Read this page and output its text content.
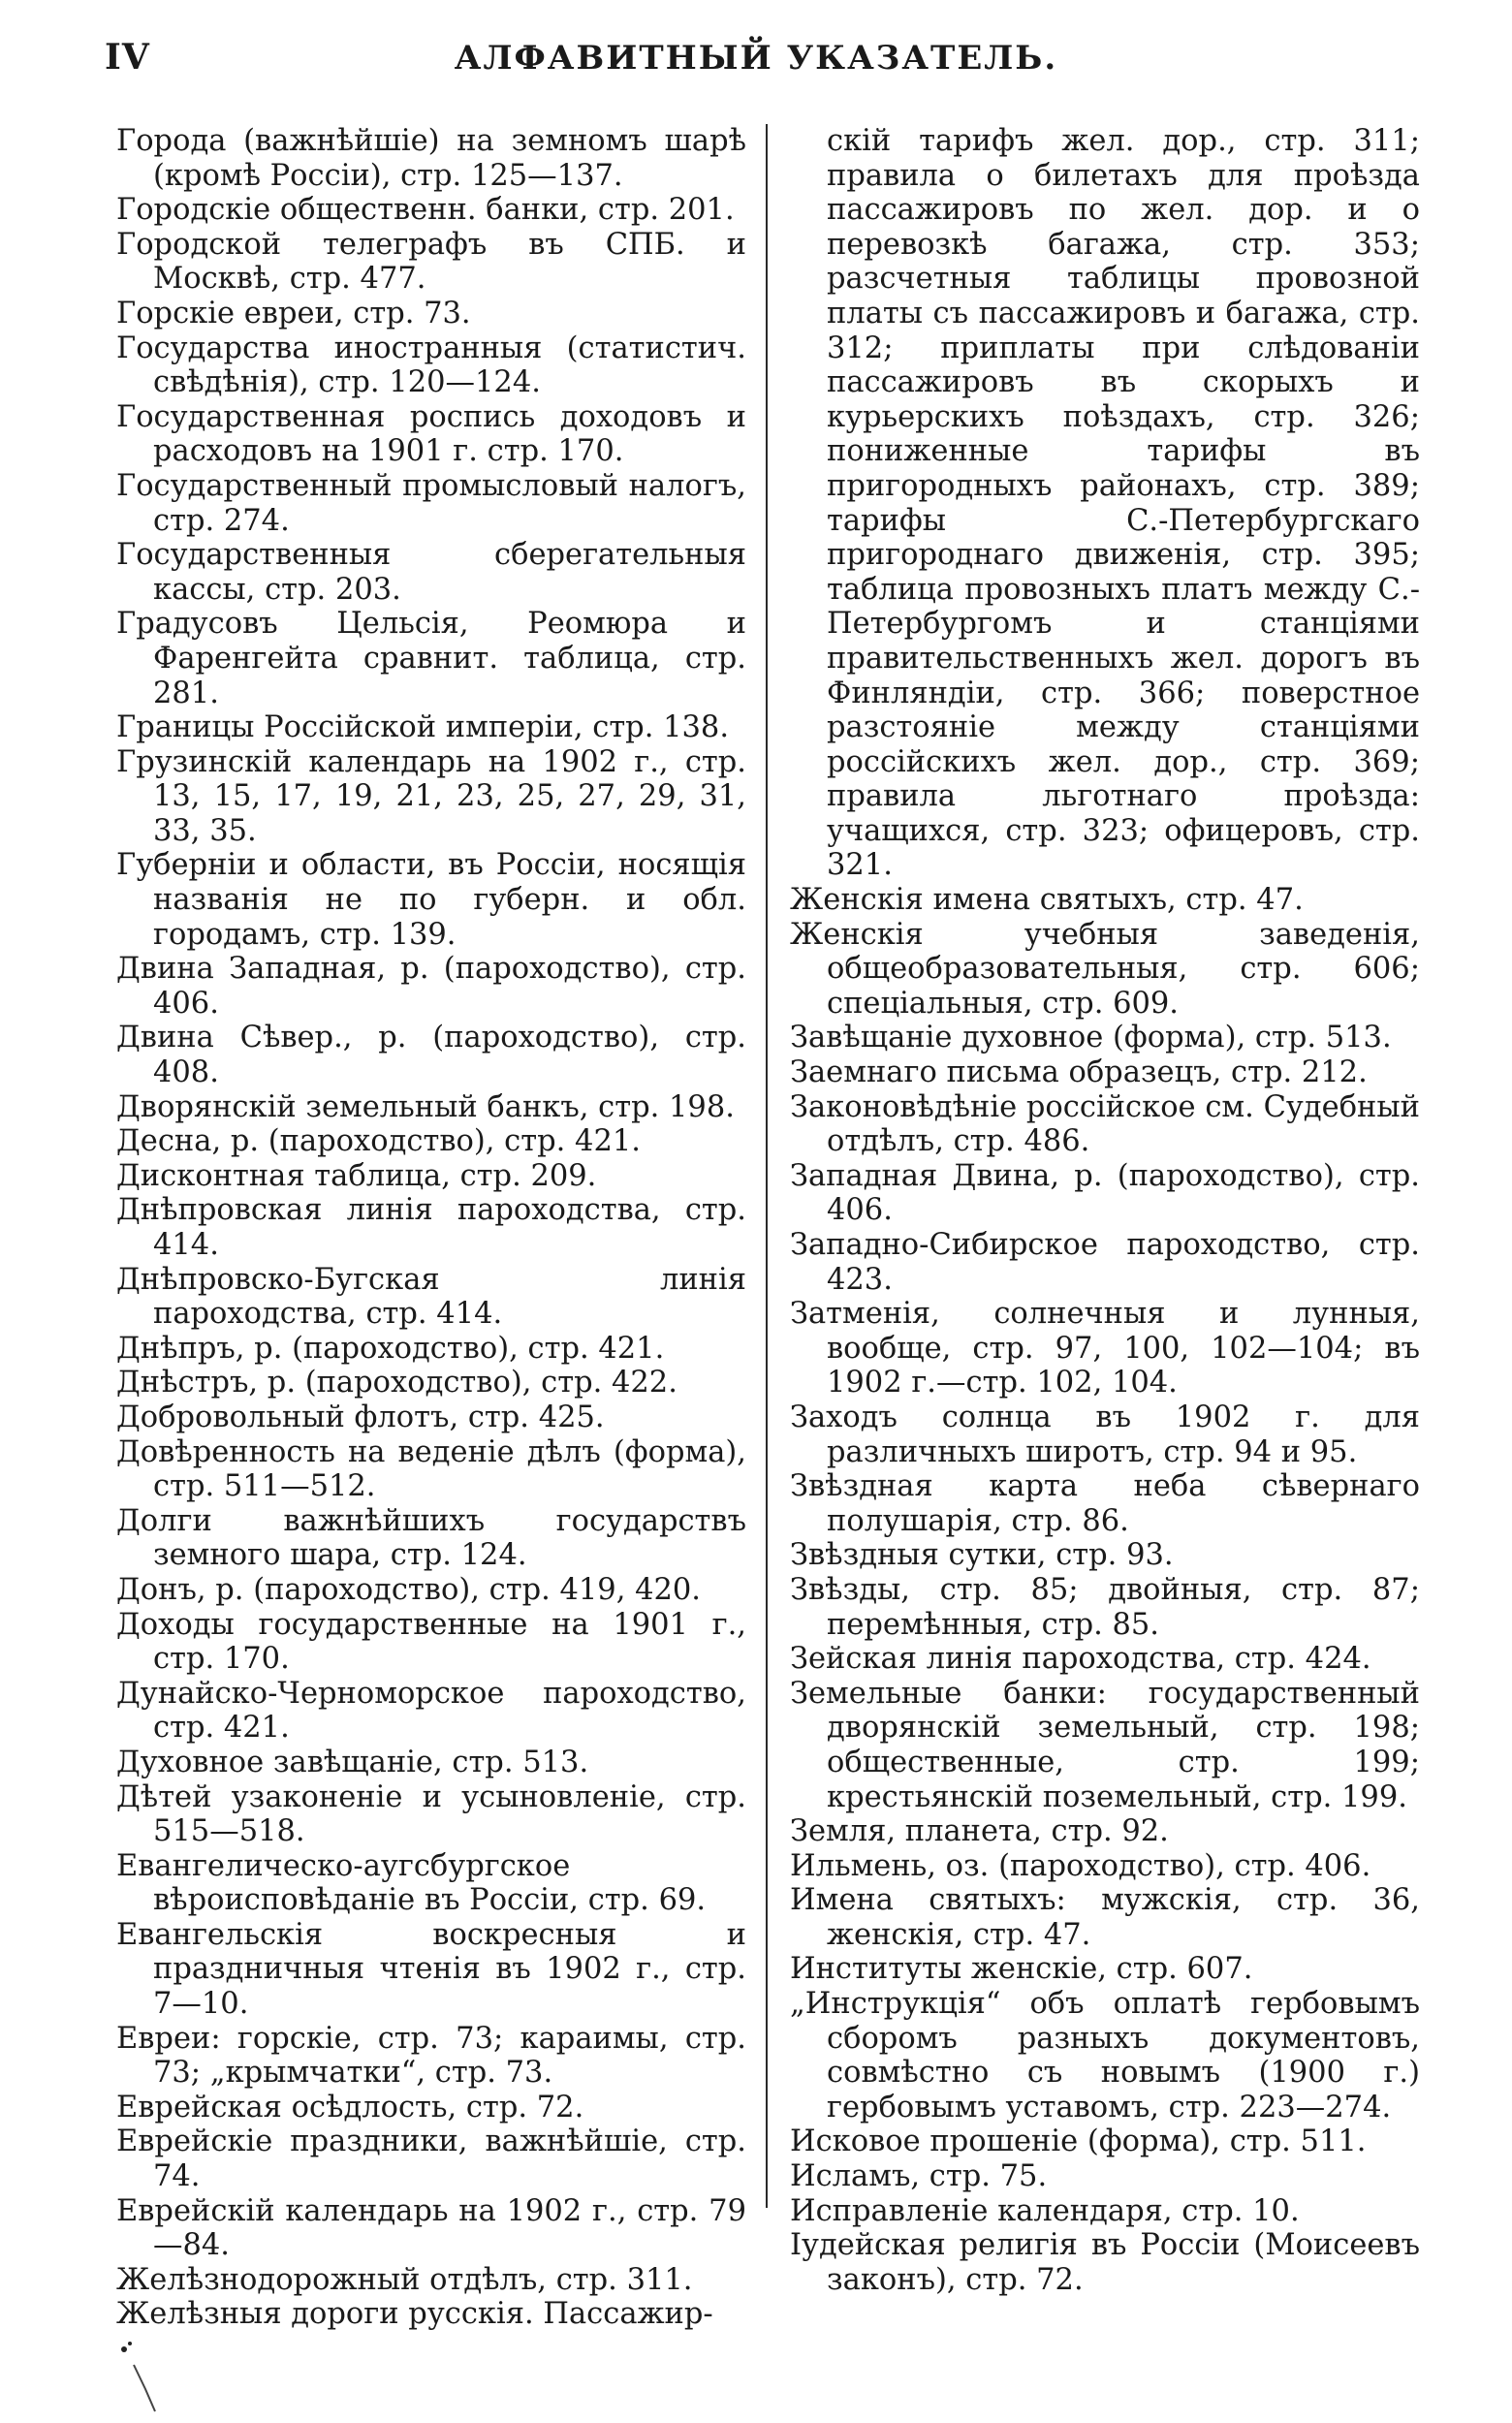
IV	АЛФАВИТНЫЙ УКАЗАТЕЛЬ.

Города (важнѣйшіе) на земномъ шарѣ (кромѣ Россіи), стр. 125—137.

Городскіе общественн. банки, стр. 201.

Городской телеграфъ въ СПБ. и Москвѣ, стр. 477.

Горскіе евреи, стр. 73.

Государства иностранныя (статистич. свѣдѣнія), стр. 120—124.

Государственная роспись доходовъ и расходовъ на 1901 г. стр. 170.

Государственный промысловый налогъ, стр. 274.

Государственныя сберегательныя кассы, стр. 203.

Градусовъ Цельсія, Реомюра и Фаренгейта сравнит. таблица, стр. 281.

Границы Россійской имперіи, стр. 138.

Грузинскій календарь на 1902 г., стр. 13, 15, 17, 19, 21, 23, 25, 27, 29, 31, 33, 35.

Губерніи и области, въ Россіи, носящія названія не по губерн. и обл. городамъ, стр. 139.

Двина Западная, р. (пароходство), стр. 406.

Двина Сѣвер., р. (пароходство), стр. 408.

Дворянскій земельный банкъ, стр. 198.

Десна, р. (пароходство), стр. 421.

Дисконтная таблица, стр. 209.

Днѣпровская линія пароходства, стр. 414.

Днѣпровско-Бугская линія пароходства, стр. 414.

Днѣпръ, р. (пароходство), стр. 421.

Днѣстръ, р. (пароходство), стр. 422.

Добровольный флотъ, стр. 425.

Довѣренность на веденіе дѣлъ (форма), стр. 511—512.

Долги важнѣйшихъ государствъ земного шара, стр. 124.

Донъ, р. (пароходство), стр. 419, 420.

Доходы государственные на 1901 г., стр. 170.

Дунайско-Черноморское пароходство, стр. 421.

Духовное завѣщаніе, стр. 513.

Дѣтей узаконеніе и усыновленіе, стр. 515—518.

Евангелическо-аугсбургское вѣроисповѣданіе въ Россіи, стр. 69.

Евангельскія воскресныя и праздничныя чтенія въ 1902 г., стр. 7—10.

Евреи: горскіе, стр. 73; караимы, стр. 73; „крымчатки“, стр. 73.

Еврейская осѣдлость, стр. 72.

Еврейскіе праздники, важнѣйшіе, стр. 74.

Еврейскій календарь на 1902 г., стр. 79—84.

Желѣзнодорожный отдѣлъ, стр. 311.

Желѣзныя дороги русскія. Пассажир-

скій тарифъ жел. дор., стр. 311; правила о билетахъ для проѣзда пассажировъ по жел. дор. и о перевозкѣ багажа, стр. 353; разсчетныя таблицы провозной платы съ пассажировъ и багажа, стр. 312; приплаты при слѣдованіи пассажировъ въ скорыхъ и курьерскихъ поѣздахъ, стр. 326; пониженные тарифы въ пригородныхъ районахъ, стр. 389; тарифы С.-Петербургскаго пригороднаго движенія, стр. 395; таблица провозныхъ платъ между С.-Петербургомъ и станціями правительственныхъ жел. дорогъ въ Финляндіи, стр. 366; поверстное разстояніе между станціями россійскихъ жел. дор., стр. 369; правила льготнаго проѣзда: учащихся, стр. 323; офицеровъ, стр. 321.

Женскія имена святыхъ, стр. 47.

Женскія учебныя заведенія, общеобразовательныя, стр. 606; спеціальныя, стр. 609.

Завѣщаніе духовное (форма), стр. 513.

Заемнаго письма образецъ, стр. 212.

Законовѣдѣніе россійское см. Судебный отдѣлъ, стр. 486.

Западная Двина, р. (пароходство), стр. 406.

Западно-Сибирское пароходство, стр. 423.

Затменія, солнечныя и лунныя, вообще, стр. 97, 100, 102—104; въ 1902 г.—стр. 102, 104.

Заходъ солнца въ 1902 г. для различныхъ широтъ, стр. 94 и 95.

Звѣздная карта неба сѣвернаго полушарія, стр. 86.

Звѣздныя сутки, стр. 93.

Звѣзды, стр. 85; двойныя, стр. 87; перемѣнныя, стр. 85.

Зейская линія пароходства, стр. 424.

Земельные банки: государственный дворянскій земельный, стр. 198; общественные, стр. 199; крестьянскій поземельный, стр. 199.

Земля, планета, стр. 92.

Ильмень, оз. (пароходство), стр. 406.

Имена святыхъ: мужскія, стр. 36, женскія, стр. 47.

Институты женскіе, стр. 607.

„Инструкція“ объ оплатѣ гербовымъ сборомъ разныхъ документовъ, совмѣстно съ новымъ (1900 г.) гербовымъ уставомъ, стр. 223—274.

Исковое прошеніе (форма), стр. 511.

Исламъ, стр. 75.

Исправленіе календаря, стр. 10.

Іудейская религія въ Россіи (Моисеевъ законъ), стр. 72.
